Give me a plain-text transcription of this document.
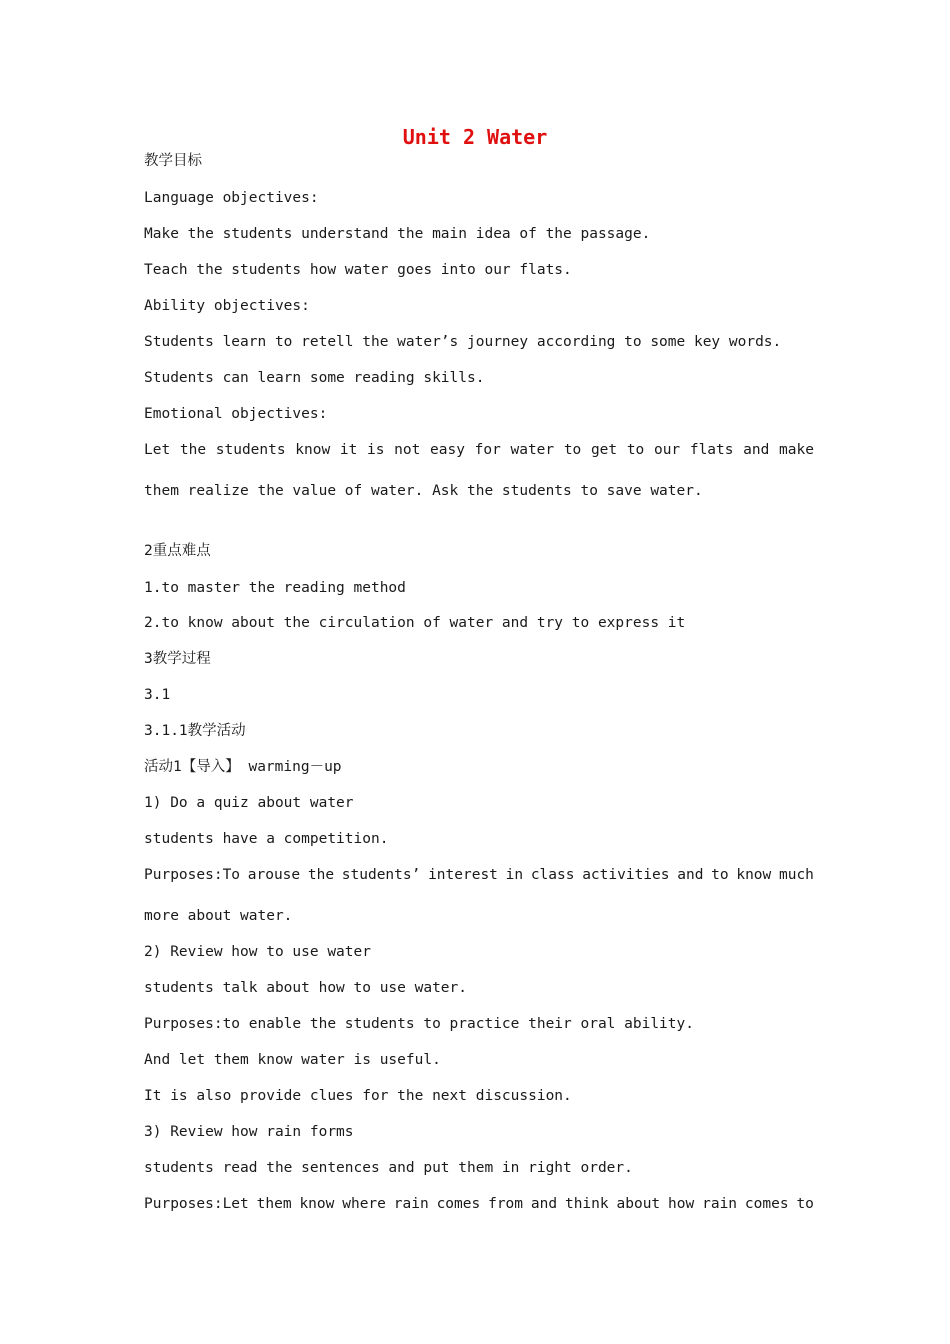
Unit 2 Water

教学目标

Language objectives:

Make the students understand the main idea of the passage.

Teach the students how water goes into our flats.

Ability objectives:

Students learn to retell the water’s journey according to some key words.

Students can learn some reading skills.

Emotional objectives:

Let the students know it is not easy for water to get to our flats and make

them realize the value of water. Ask the students to save water.

2重点难点

1.to master the reading method

2.to know about the circulation of water and try to express it

3教学过程

3.1

3.1.1教学活动

活动1【导入】 warming－up

1) Do a quiz about water

students have a competition.

Purposes:To arouse the students’ interest in class activities and to know much

more about water.

2) Review how to use water

students talk about how to use water.

Purposes:to enable the students to practice their oral ability.

And let them know water is useful.

It is also provide clues for the next discussion.

3) Review how rain forms

students read the sentences and put them in right order.

Purposes:Let them know where rain comes from and think about how rain comes to
